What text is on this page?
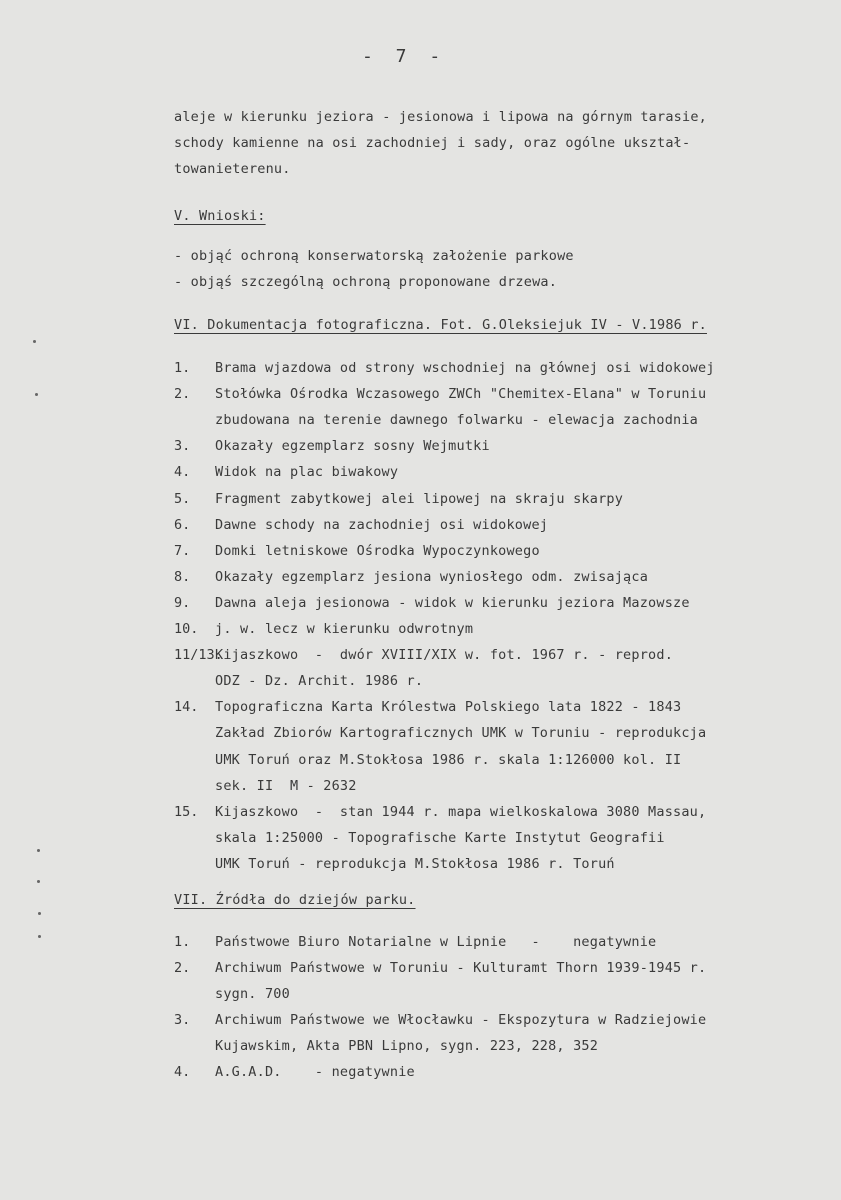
- 7 -

aleje w kierunku jeziora - jesionowa i lipowa na górnym tarasie,

schody kamienne na osi zachodniej i sady, oraz ogólne ukształ-

towanieterenu.

V. Wnioski:

- objąć ochroną konserwatorską założenie parkowe

- objąś szczególną ochroną proponowane drzewa.

VI. Dokumentacja fotograficzna. Fot. G.Oleksiejuk IV - V.1986 r.

1. Brama wjazdowa od strony wschodniej na głównej osi widokowej

2. Stołówka Ośrodka Wczasowego ZWCh "Chemitex-Elana" w Toruniu

zbudowana na terenie dawnego folwarku - elewacja zachodnia

3. Okazały egzemplarz sosny Wejmutki

4. Widok na plac biwakowy

5. Fragment zabytkowej alei lipowej na skraju skarpy

6. Dawne schody na zachodniej osi widokowej

7. Domki letniskowe Ośrodka Wypoczynkowego

8. Okazały egzemplarz jesiona wyniosłego odm. zwisająca

9. Dawna aleja jesionowa - widok w kierunku jeziora Mazowsze

10. j. w. lecz w kierunku odwrotnym

11/13.

Kijaszkowo  -  dwór XVIII/XIX w. fot. 1967 r. - reprod.

ODZ - Dz. Archit. 1986 r.

14. Topograficzna Karta Królestwa Polskiego lata 1822 - 1843

Zakład Zbiorów Kartograficznych UMK w Toruniu - reprodukcja

UMK Toruń oraz M.Stokłosa 1986 r. skala 1:126000 kol. II

sek. II  M - 2632

15. Kijaszkowo  -  stan 1944 r. mapa wielkoskalowa 3080 Massau,

skala 1:25000 - Topografische Karte Instytut Geografii

UMK Toruń - reprodukcja M.Stokłosa 1986 r. Toruń

VII. Źródła do dziejów parku.

1. Państwowe Biuro Notarialne w Lipnie   -    negatywnie

2. Archiwum Państwowe w Toruniu - Kulturamt Thorn 1939-1945 r.

sygn. 700

3. Archiwum Państwowe we Włocławku - Ekspozytura w Radziejowie

Kujawskim, Akta PBN Lipno, sygn. 223, 228, 352

4. A.G.A.D.    - negatywnie
